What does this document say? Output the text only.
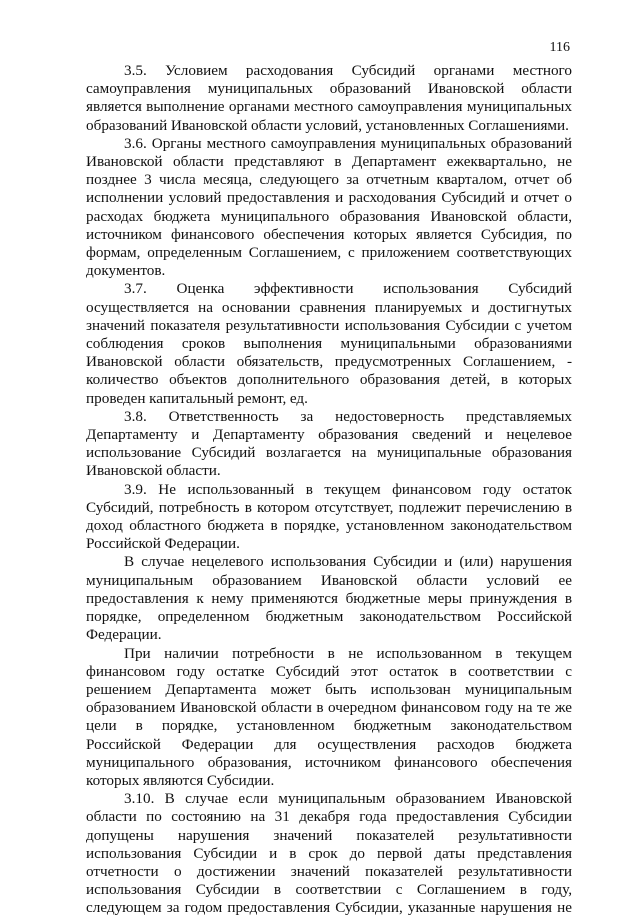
116

3.5. Условием расходования Субсидий органами местного самоуправления муниципальных образований Ивановской области является выполнение органами местного самоуправления муниципальных образований Ивановской области условий, установленных Соглашениями.

3.6. Органы местного самоуправления муниципальных образований Ивановской области представляют в Департамент ежеквартально, не позднее 3 числа месяца, следующего за отчетным кварталом, отчет об исполнении условий предоставления и расходования Субсидий и отчет о расходах бюджета муниципального образования Ивановской области, источником финансового обеспечения которых является Субсидия, по формам, определенным Соглашением, с приложением соответствующих документов.

3.7. Оценка эффективности использования Субсидий осуществляется на основании сравнения планируемых и достигнутых значений показателя результативности использования Субсидии с учетом соблюдения сроков выполнения муниципальными образованиями Ивановской области обязательств, предусмотренных Соглашением, - количество объектов дополнительного образования детей, в которых проведен капитальный ремонт, ед.

3.8. Ответственность за недостоверность представляемых Департаменту и Департаменту образования сведений и нецелевое использование Субсидий возлагается на муниципальные образования Ивановской области.

3.9. Не использованный в текущем финансовом году остаток Субсидий, потребность в котором отсутствует, подлежит перечислению в доход областного бюджета в порядке, установленном законодательством Российской Федерации.

В случае нецелевого использования Субсидии и (или) нарушения муниципальным образованием Ивановской области условий ее предоставления к нему применяются бюджетные меры принуждения в порядке, определенном бюджетным законодательством Российской Федерации.

При наличии потребности в не использованном в текущем финансовом году остатке Субсидий этот остаток в соответствии с решением Департамента может быть использован муниципальным образованием Ивановской области в очередном финансовом году на те же цели в порядке, установленном бюджетным законодательством Российской Федерации для осуществления расходов бюджета муниципального образования, источником финансового обеспечения которых являются Субсидии.

3.10. В случае если муниципальным образованием Ивановской области по состоянию на 31 декабря года предоставления Субсидии допущены нарушения значений показателей результативности использования Субсидии и в срок до первой даты представления отчетности о достижении значений показателей результативности использования Субсидии в соответствии с Соглашением в году, следующем за годом предоставления Субсидии, указанные нарушения не
